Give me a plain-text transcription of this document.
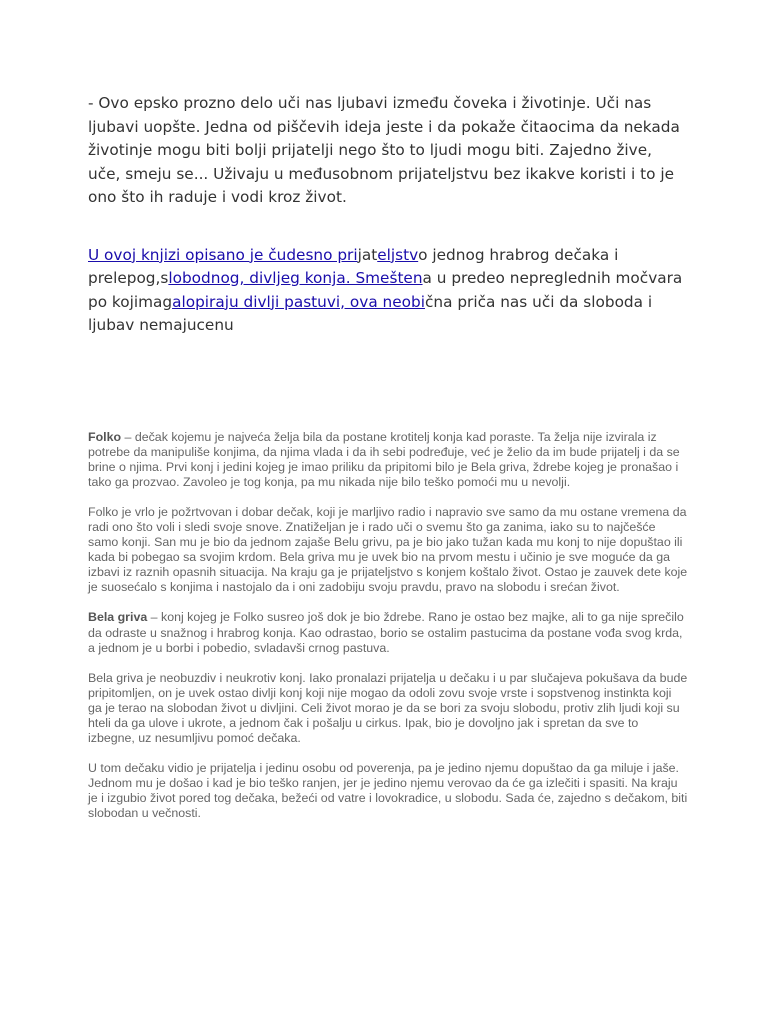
- Ovo epsko prozno delo uči nas ljubavi između čoveka i životinje. Uči nas ljubavi uopšte. Jedna od piščevih ideja jeste i da pokaže čitaocima da nekada životinje mogu biti bolji prijatelji nego što to ljudi mogu biti. Zajedno žive, uče, smeju se... Uživaju u međusobnom prijateljstvu bez ikakve koristi i to je ono što ih raduje i vodi kroz život.

U ovoj knjizi opisano je čudesno prijateljstvo jednog hrabrog dečaka i prelepog,slobodnog, divljeg konja. Smeštena u predeo nepreglednih močvara po kojimagalopiraju divlji pastuvi, ova neobična priča nas uči da sloboda i ljubav nemajucenu

Folko – dečak kojemu je najveća želja bila da postane krotitelj konja kad poraste. Ta želja nije izvirala iz potrebe da manipuliše konjima, da njima vlada i da ih sebi podređuje, već je želio da im bude prijatelj i da se brine o njima. Prvi konj i jedini kojeg je imao priliku da pripitomi bilo je Bela griva, ždrebe kojeg je pronašao i tako ga prozvao. Zavoleo je tog konja, pa mu nikada nije bilo teško pomoći mu u nevolji.

Folko je vrlo je požrtvovan i dobar dečak, koji je marljivo radio i napravio sve samo da mu ostane vremena da radi ono što voli i sledi svoje snove. Znatiželjan je i rado uči o svemu što ga zanima, iako su to najčešće samo konji. San mu je bio da jednom zajaše Belu grivu, pa je bio jako tužan kada mu konj to nije dopuštao ili kada bi pobegao sa svojim krdom. Bela griva mu je uvek bio na prvom mestu i učinio je sve moguće da ga izbavi iz raznih opasnih situacija. Na kraju ga je prijateljstvo s konjem koštalo život. Ostao je zauvek dete koje je suosećalo s konjima i nastojalo da i oni zadobiju svoju pravdu, pravo na slobodu i srećan život.

Bela griva – konj kojeg je Folko susreo još dok je bio ždrebe. Rano je ostao bez majke, ali to ga nije sprečilo da odraste u snažnog i hrabrog konja. Kao odrastao, borio se ostalim pastucima da postane vođa svog krda, a jednom je u borbi i pobedio, svladavši crnog pastuva.

Bela griva je neobuzdiv i neukrotiv konj. Iako pronalazi prijatelja u dečaku i u par slučajeva pokušava da bude pripitomljen, on je uvek ostao divlji konj koji nije mogao da odoli zovu svoje vrste i sopstvenog instinkta koji ga je terao na slobodan život u divljini. Celi život morao je da se bori za svoju slobodu, protiv zlih ljudi koji su hteli da ga ulove i ukrote, a jednom čak i pošalju u cirkus. Ipak, bio je dovoljno jak i spretan da sve to izbegne, uz nesumljivu pomoć dečaka.

U tom dečaku vidio je prijatelja i jedinu osobu od poverenja, pa je jedino njemu dopuštao da ga miluje i jaše. Jednom mu je došao i kad je bio teško ranjen, jer je jedino njemu verovao da će ga izlečiti i spasiti. Na kraju je i izgubio život pored tog dečaka, bežeći od vatre i lovokradice, u slobodu. Sada će, zajedno s dečakom, biti slobodan u večnosti.
